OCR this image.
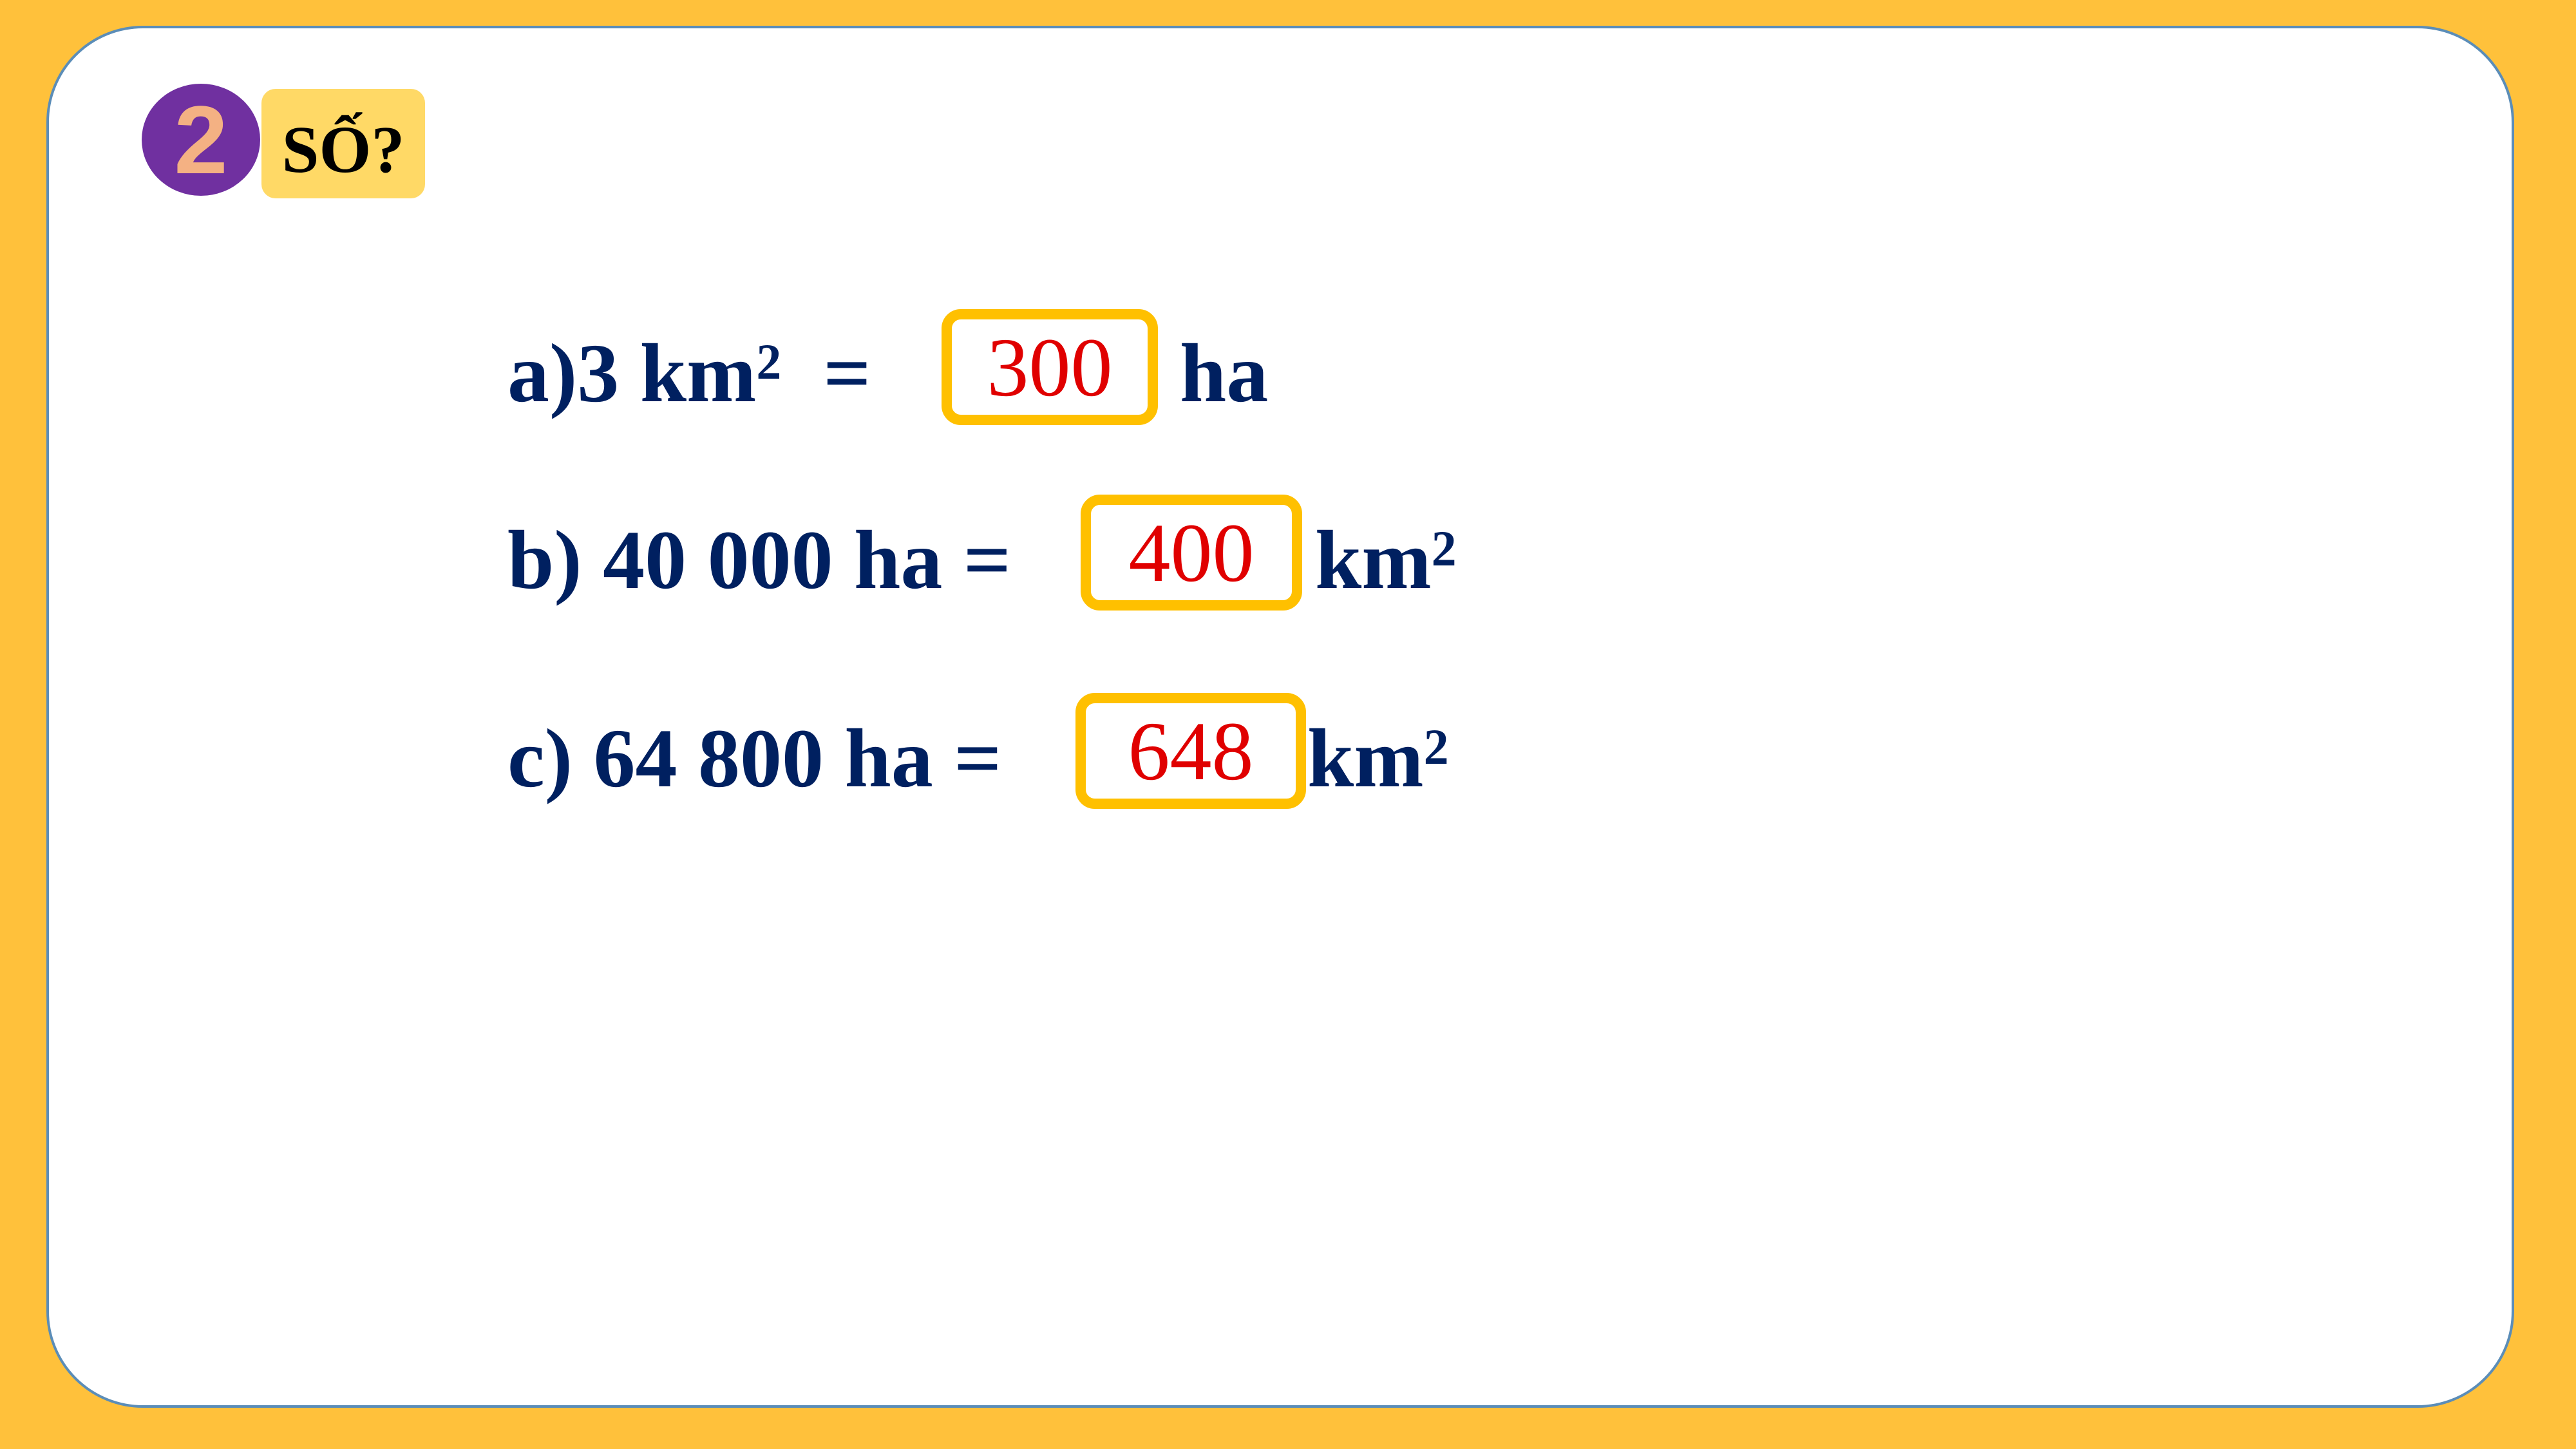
2 SỐ?
a)3 $km^2$ =	300 ha
b) 40 000 ha =	400 $km^2$
c) 64 800 ha =	648 $km^2$
